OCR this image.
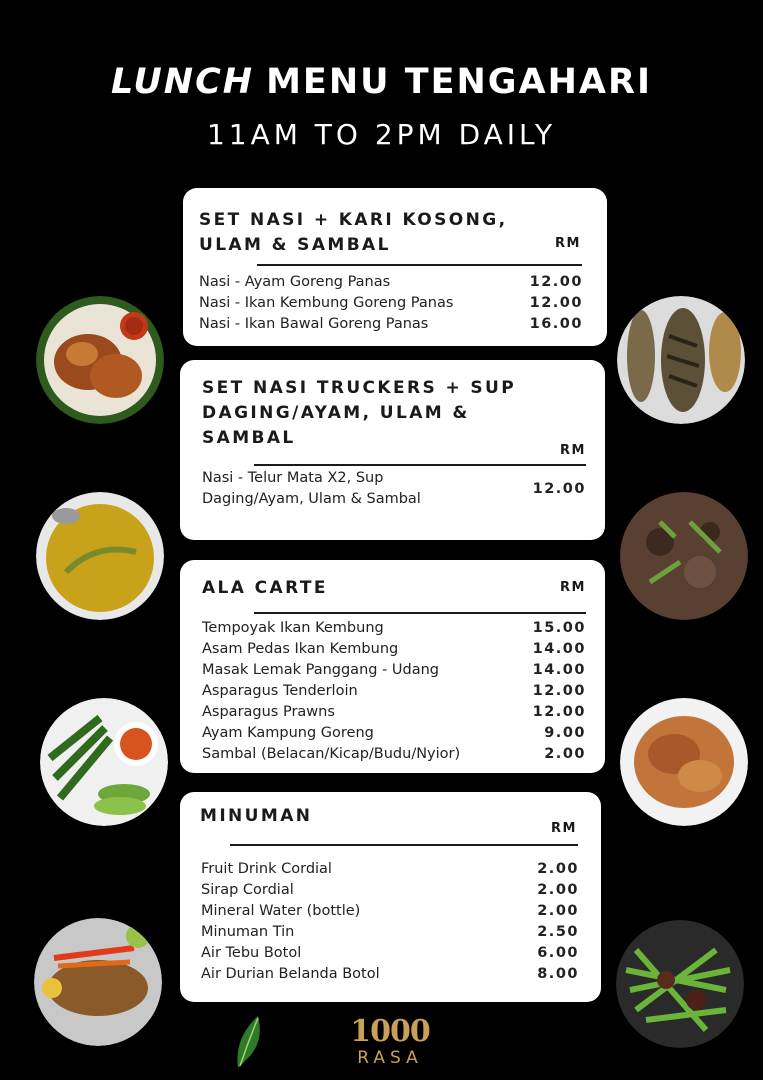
LUNCH MENU TENGAHARI
11AM TO 2PM DAILY
SET NASI + KARI KOSONG,
ULAM & SAMBAL	RM
Nasi - Ayam Goreng Panas	12.00
Nasi - Ikan Kembung Goreng Panas	12.00
Nasi - Ikan Bawal Goreng Panas	16.00
SET NASI TRUCKERS + SUP
DAGING/AYAM, ULAM &
SAMBAL
RM
Nasi - Telur Mata X2, Sup
Daging/Ayam, Ulam & Sambal
12.00
ALA CARTE	RM
Tempoyak Ikan Kembung	15.00
Asam Pedas Ikan Kembung	14.00
Masak Lemak Panggang - Udang	14.00
Asparagus Tenderloin	12.00
Asparagus Prawns	12.00
Ayam Kampung Goreng	9.00
Sambal (Belacan/Kicap/Budu/Nyior)	2.00
MINUMAN
RM
Fruit Drink Cordial	2.00
Sirap Cordial	2.00
Mineral Water (bottle)	2.00
Minuman Tin	2.50
Air Tebu Botol	6.00
Air Durian Belanda Botol	8.00
1000
RASA
